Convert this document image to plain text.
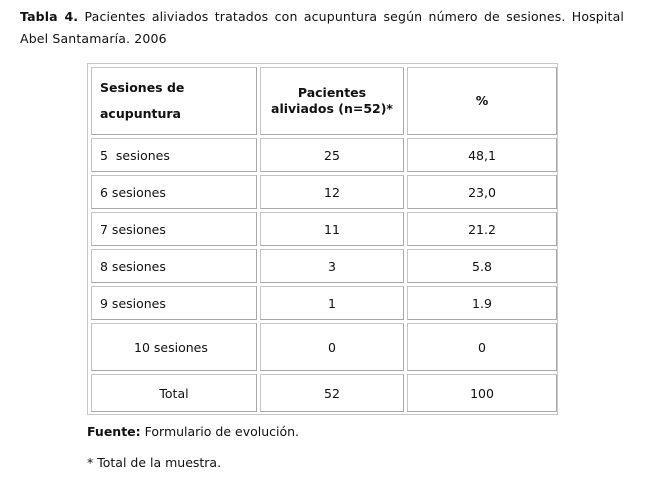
Tabla 4. Pacientes aliviados tratados con acupuntura según número de sesiones. Hospital Abel Santamaría. 2006
Sesiones de acupuntura	Pacientes aliviados (n=52)*	%
5  sesiones	25	48,1
6 sesiones	12	23,0
7 sesiones	11	21.2
8 sesiones	3	5.8
9 sesiones	1	1.9
10 sesiones	0	0
Total	52	100
Fuente: Formulario de evolución.
* Total de la muestra.
